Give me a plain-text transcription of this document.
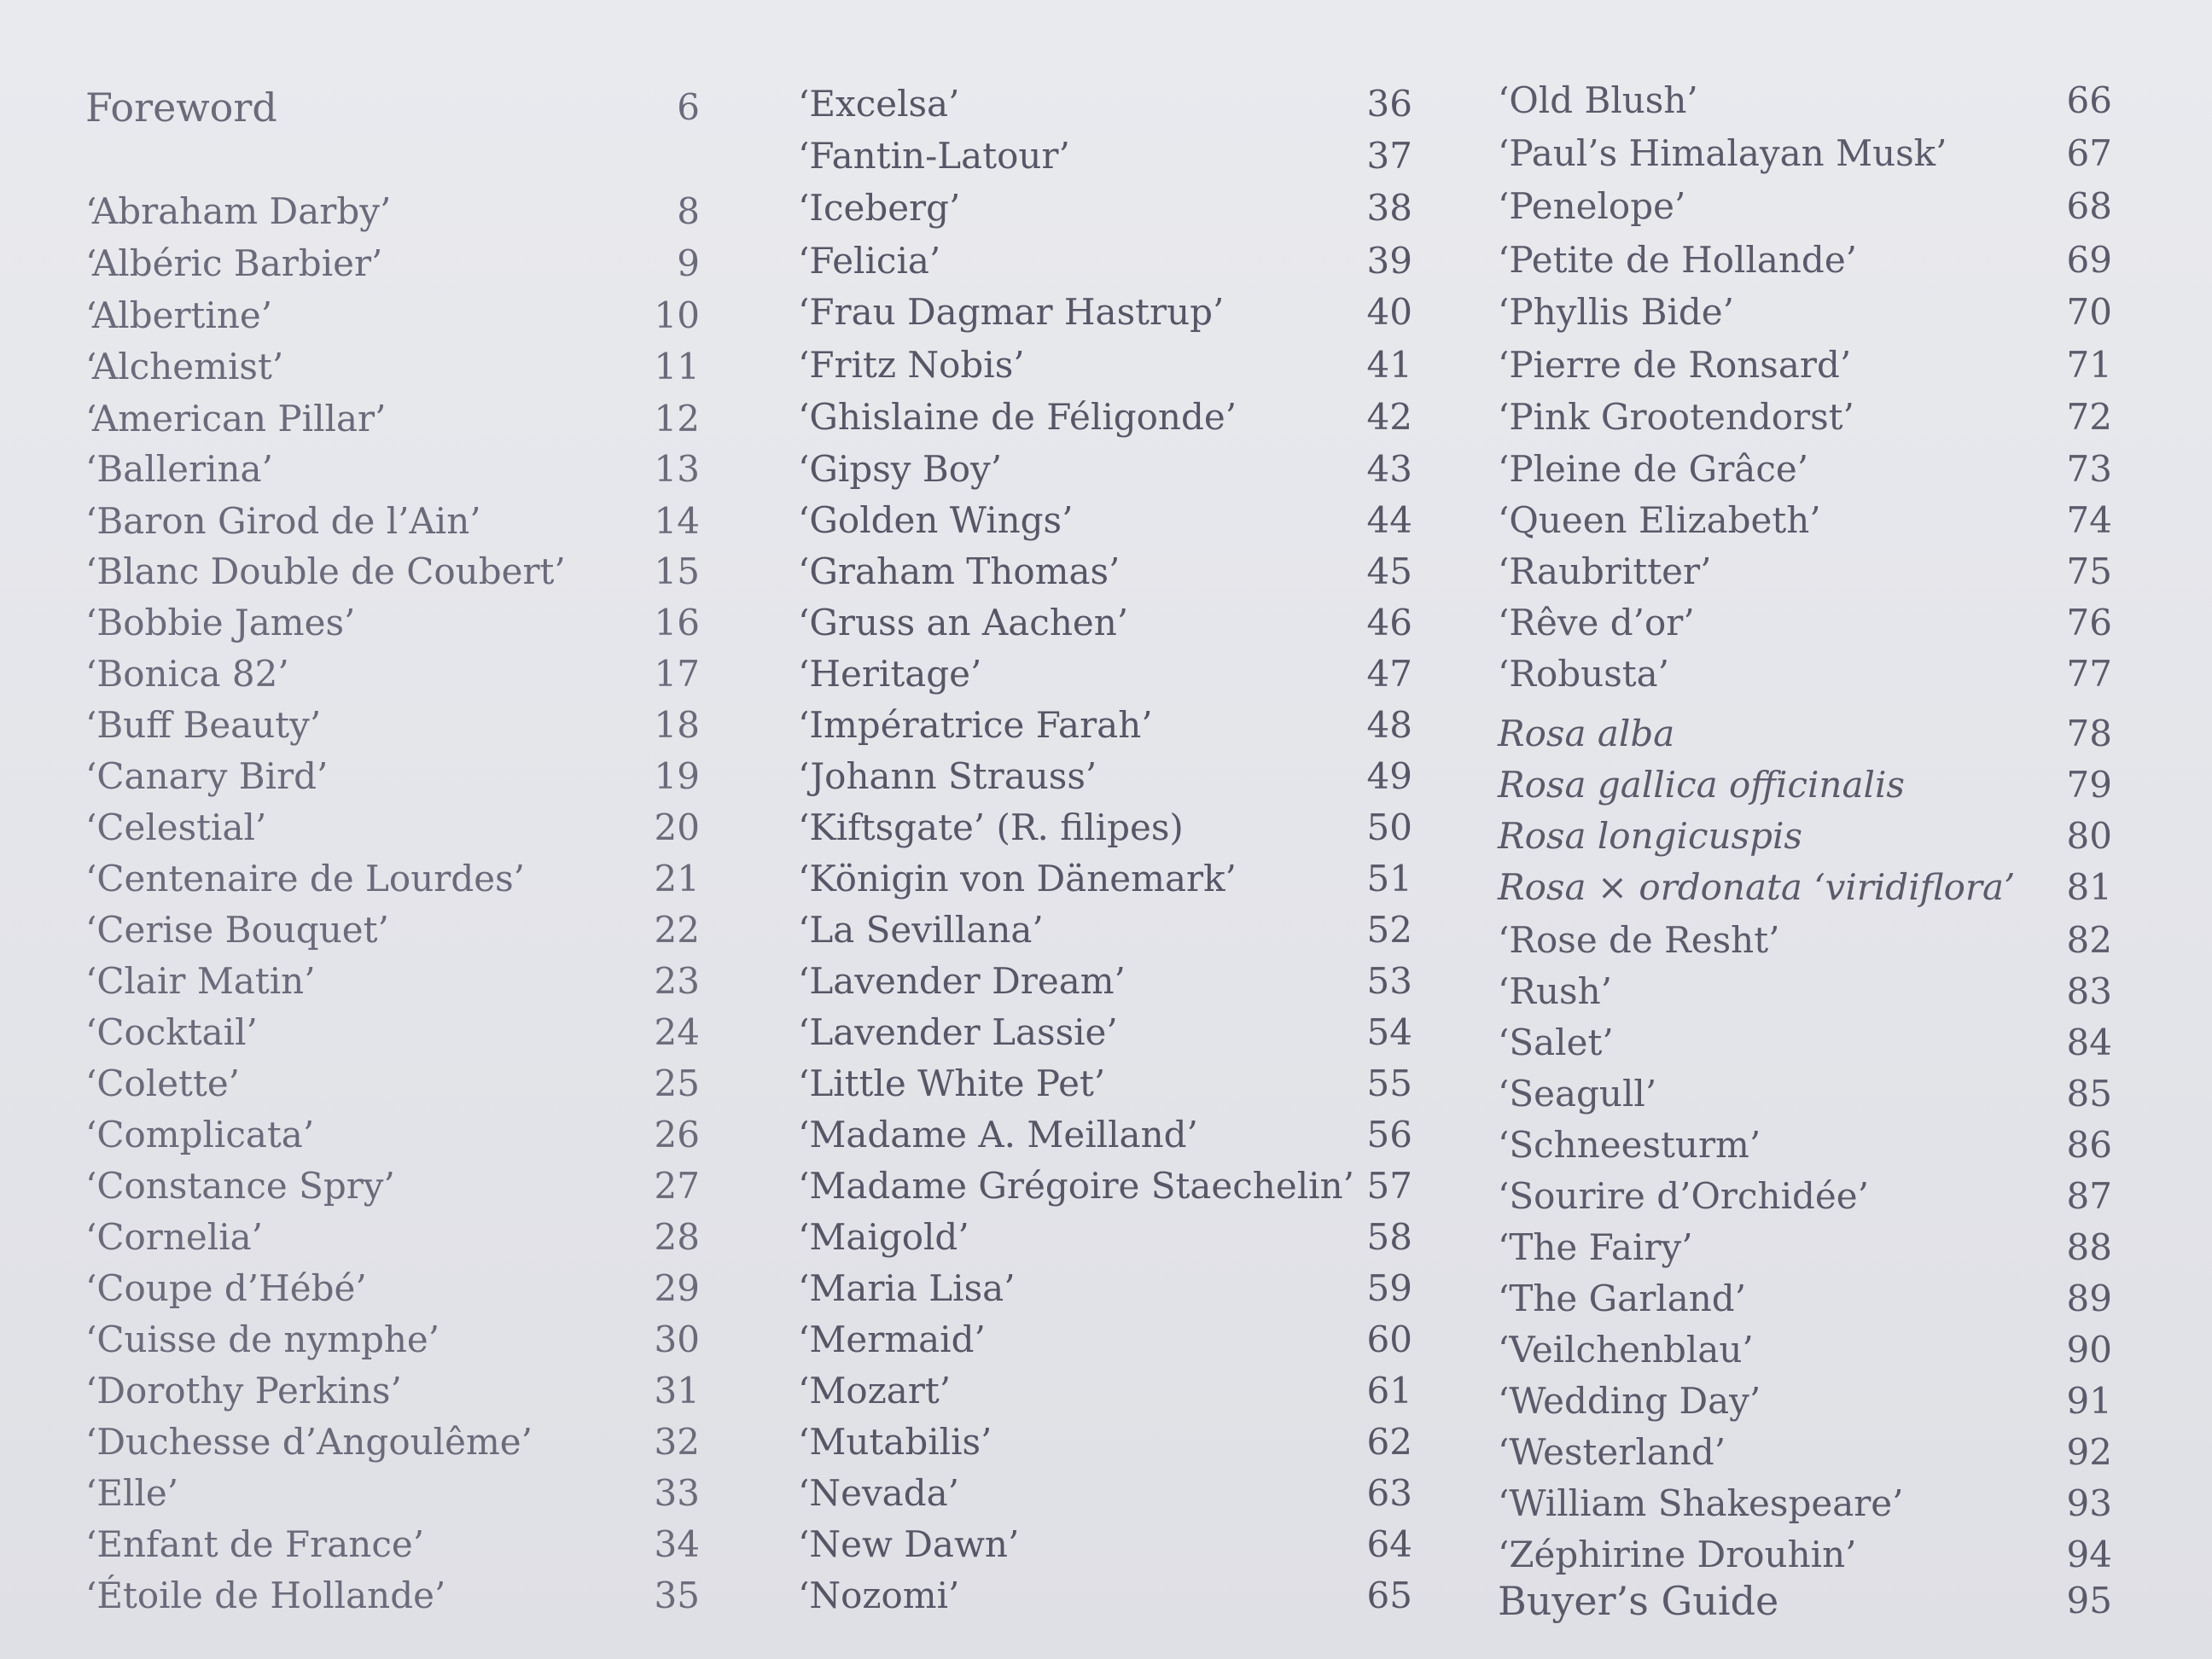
Foreword	6
‘Abraham Darby’	8
‘Albéric Barbier’	9
‘Albertine’	10
‘Alchemist’	11
‘American Pillar’	12
‘Ballerina’	13
‘Baron Girod de l’Ain’	14
‘Blanc Double de Coubert’	15
‘Bobbie James’	16
‘Bonica 82’	17
‘Buff Beauty’	18
‘Canary Bird’	19
‘Celestial’	20
‘Centenaire de Lourdes’	21
‘Cerise Bouquet’	22
‘Clair Matin’	23
‘Cocktail’	24
‘Colette’	25
‘Complicata’	26
‘Constance Spry’	27
‘Cornelia’	28
‘Coupe d’Hébé’	29
‘Cuisse de nymphe’	30
‘Dorothy Perkins’	31
‘Duchesse d’Angoulême’	32
‘Elle’	33
‘Enfant de France’	34
‘Étoile de Hollande’	35
‘Excelsa’	36
‘Fantin-Latour’	37
‘Iceberg’	38
‘Felicia’	39
‘Frau Dagmar Hastrup’	40
‘Fritz Nobis’	41
‘Ghislaine de Féligonde’	42
‘Gipsy Boy’	43
‘Golden Wings’	44
‘Graham Thomas’	45
‘Gruss an Aachen’	46
‘Heritage’	47
‘Impératrice Farah’	48
‘Johann Strauss’	49
‘Kiftsgate’ (R. filipes)	50
‘Königin von Dänemark’	51
‘La Sevillana’	52
‘Lavender Dream’	53
‘Lavender Lassie’	54
‘Little White Pet’	55
‘Madame A. Meilland’	56
‘Madame Grégoire Staechelin’ 57
‘Maigold’	58
‘Maria Lisa’	59
‘Mermaid’	60
‘Mozart’	61
‘Mutabilis’	62
‘Nevada’	63
‘New Dawn’	64
‘Nozomi’	65
‘Old Blush’	66
‘Paul’s Himalayan Musk’	67
‘Penelope’	68
‘Petite de Hollande’	69
‘Phyllis Bide’	70
‘Pierre de Ronsard’	71
‘Pink Grootendorst’	72
‘Pleine de Grâce’	73
‘Queen Elizabeth’	74
‘Raubritter’	75
‘Rêve d’or’	76
‘Robusta’	77
Rosa alba	78
Rosa gallica officinalis	79
Rosa longicuspis	80
Rosa × ordonata ‘viridiflora’	81
‘Rose de Resht’	82
‘Rush’	83
‘Salet’	84
‘Seagull’	85
‘Schneesturm’	86
‘Sourire d’Orchidée’	87
‘The Fairy’	88
‘The Garland’	89
‘Veilchenblau’	90
‘Wedding Day’	91
‘Westerland’	92
‘William Shakespeare’	93
‘Zéphirine Drouhin’	94
Buyer’s Guide	95
